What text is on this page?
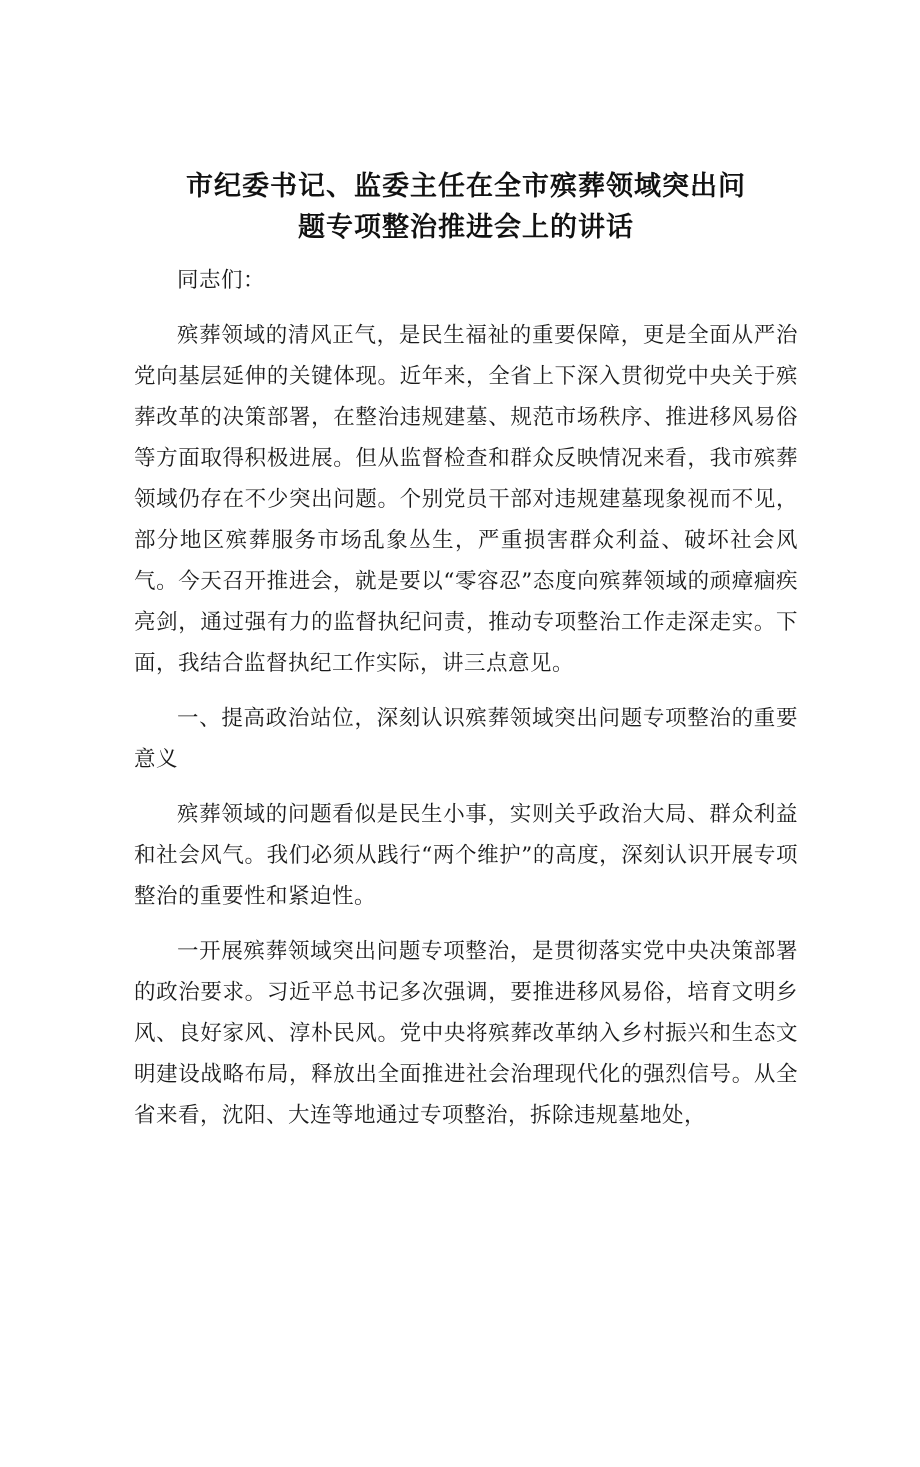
市纪委书记、监委主任在全市殡葬领域突出问
题专项整治推进会上的讲话

同志们：

殡葬领域的清风正气，是民生福祉的重要保障，更是全面从严治党向基层延伸的关键体现。近年来，全省上下深入贯彻党中央关于殡葬改革的决策部署，在整治违规建墓、规范市场秩序、推进移风易俗等方面取得积极进展。但从监督检查和群众反映情况来看，我市殡葬领域仍存在不少突出问题。个别党员干部对违规建墓现象视而不见，部分地区殡葬服务市场乱象丛生，严重损害群众利益、破坏社会风气。今天召开推进会，就是要以“零容忍”态度向殡葬领域的顽瘴痼疾亮剑，通过强有力的监督执纪问责，推动专项整治工作走深走实。下面，我结合监督执纪工作实际，讲三点意见。

一、提高政治站位，深刻认识殡葬领域突出问题专项整治的重要意义

殡葬领域的问题看似是民生小事，实则关乎政治大局、群众利益和社会风气。我们必须从践行“两个维护”的高度，深刻认识开展专项整治的重要性和紧迫性。

一开展殡葬领域突出问题专项整治，是贯彻落实党中央决策部署的政治要求。习近平总书记多次强调，要推进移风易俗，培育文明乡风、良好家风、淳朴民风。党中央将殡葬改革纳入乡村振兴和生态文明建设战略布局，释放出全面推进社会治理现代化的强烈信号。从全省来看，沈阳、大连等地通过专项整治，拆除违规墓地处，
